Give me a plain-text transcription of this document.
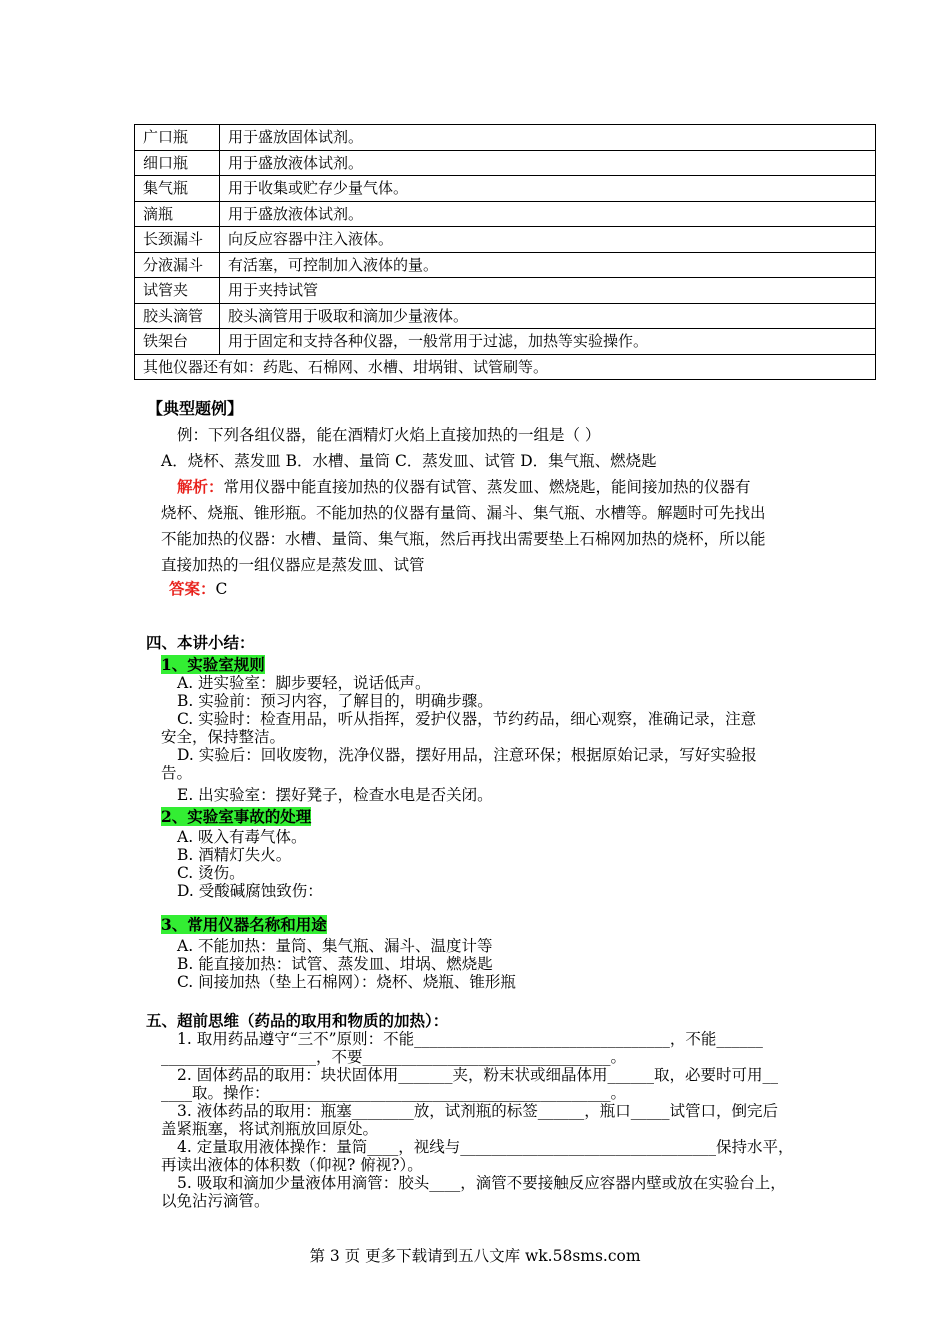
广口瓶	用于盛放固体试剂。
细口瓶	用于盛放液体试剂。
集气瓶	用于收集或贮存少量气体。
滴瓶	用于盛放液体试剂。
长颈漏斗	向反应容器中注入液体。
分液漏斗	有活塞，可控制加入液体的量。
试管夹	用于夹持试管
胶头滴管	胶头滴管用于吸取和滴加少量液体。
铁架台	用于固定和支持各种仪器，一般常用于过滤，加热等实验操作。
其他仪器还有如：药匙、石棉网、水槽、坩埚钳、试管刷等。	
【典型题例】
例：下列各组仪器，能在酒精灯火焰上直接加热的一组是（ ）
A．烧杯、蒸发皿 B．水槽、量筒 C．蒸发皿、试管 D．集气瓶、燃烧匙
解析：常用仪器中能直接加热的仪器有试管、蒸发皿、燃烧匙，能间接加热的仪器有
烧杯、烧瓶、锥形瓶。不能加热的仪器有量筒、漏斗、集气瓶、水槽等。解题时可先找出
不能加热的仪器：水槽、量筒、集气瓶，然后再找出需要垫上石棉网加热的烧杯，所以能
直接加热的一组仪器应是蒸发皿、试管
答案：C
四、本讲小结：
1、实验室规则
A. 进实验室：脚步要轻，说话低声。
B. 实验前：预习内容，了解目的，明确步骤。
C. 实验时：检查用品，听从指挥，爱护仪器，节约药品，细心观察，准确记录，注意
安全，保持整洁。
D. 实验后：回收废物，洗净仪器，摆好用品，注意环保；根据原始记录，写好实验报
告。
E. 出实验室：摆好凳子，检查水电是否关闭。
2、实验室事故的处理
A. 吸入有毒气体。
B. 酒精灯失火。
C. 烫伤。
D. 受酸碱腐蚀致伤：
3、常用仪器名称和用途
A. 不能加热：量筒、集气瓶、漏斗、温度计等
B. 能直接加热：试管、蒸发皿、坩埚、燃烧匙
C. 间接加热（垫上石棉网）：烧杯、烧瓶、锥形瓶
五、超前思维（药品的取用和物质的加热）：
1. 取用药品遵守“三不”原则：不能_________________________________，不能______
____________________，不要________________________________。
2. 固体药品的取用：块状固体用_______夹，粉末状或细晶体用______取，必要时可用__
____取。操作：____________________________________________。
3. 液体药品的取用：瓶塞________放，试剂瓶的标签______，瓶口_____试管口，倒完后
盖紧瓶塞，将试剂瓶放回原处。
4. 定量取用液体操作：量筒____，视线与_________________________________保持水平，
再读出液体的体积数（仰视? 俯视?）。
5. 吸取和滴加少量液体用滴管：胶头____，滴管不要接触反应容器内壁或放在实验台上，
以免沾污滴管。
第 3 页 更多下载请到五八文库 wk.58sms.com
